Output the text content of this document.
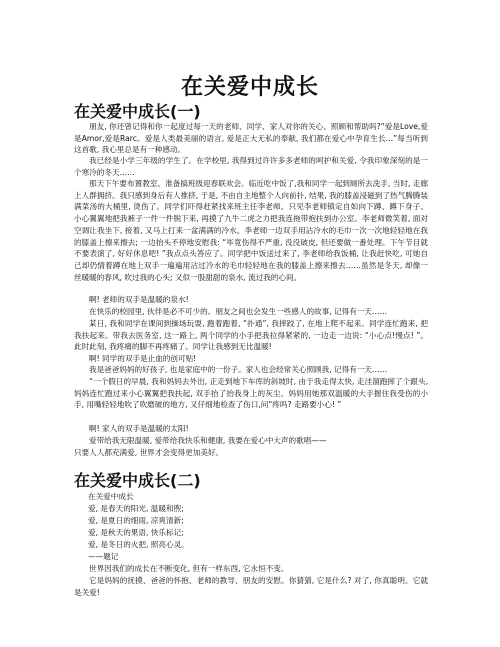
在关爱中成长
在关爱中成长(一)
朋友, 你还曾记得和你一起度过每一天的老师、同学、家人对你的关心、照顾和帮助吗?“爱是Love,爱是Amor,爱是Rarc。爱是人类最美丽的语言, 爱是正大无私的奉献, 我们都在爱心中孕育生长…”每当听到这首歌, 我心里总是有一种感动。
我已经是小学三年级的学生了。在学校里, 我得到过许许多多老师的呵护和关爱, 令我印象深刻的是一个寒冷的冬天……
那天下午要布置教室、准备搞班级迎春联欢会。临近吃中饭了,我和同学一起到厕所去洗手, 当时, 走廊上人群拥挤。我只感到身后有人推挤, 于是, 不由自主地整个人向前扑, 结果, 我的膝盖浸磁到了热气腾腾装满菜汤的大桶里, 烫伤了。同学们吓得赶紧找来班主任李老师。只见李老师镇定自如向下蹲、蹲下身子、小心翼翼地把我裤子一件一件脱下来, 再摸了九牛二虎之力把我连拖带抱扶到办公室。李老师微笑着, 面对空调让我坐下, 接着, 又马上打来一盆满满的冷水。李老师一边双手用沾冷水的毛巾一次一次地轻轻地在我的膝盖上擦来擦去; 一边抬头不停地安慰我: “毕竟伤得不严重, 没没破皮, 但还要做一番处理。下午节目就不要表演了, 好好休息吧! ”我点点头答应了。同学把中饭送过来了, 李老师给我饭桶, 让我赶快吃, 可她自己却仍情着蹲在地上双手一遍遍用沾过冷水的毛巾轻轻地在我的膝盖上擦来擦去……虽然是冬天, 却像一丝暖暖的春风, 吹过我的心头; 又似一股甜甜的泉水, 流过我的心间。
啊! 老师的双手是温暖的泉水!
在快乐的校园里, 伙伴是必不可少的。朋友之间也会发生一些感人的故事, 记得有一天……
某日, 我和同学在课间到操场玩耍, 跑着跑着, “扑通”, 我摔跤了, 在地上爬不起来。同学连忙跑来, 把我扶起来。带我去医务室, 这一路上, 两个同学的小手把我拉得紧紧的, 一边走一边说: “小心点!慢点! ”。此时此刻, 我疼痛的脚不再疼痛了。同学让我感到无比温暖!
啊! 同学的双手是止血的创可贴!
我是爸爸妈妈的好孩子, 也是家庭中的一份子。家人也会经常关心照顾我, 记得有一天……
“一个假日的早晨, 我和妈妈去外出, 正走到地下车库的斜坡时, 由于我走得太快, 走洼溜跑摔了个跟头, 妈妈连忙跑过来小心翼翼把我扶起, 双手抬了抬我身上的灰尘。妈妈用她那双温暖的大手握住我受伤的小手, 用嘴轻轻地吹了吹磨破的地方, 又仔细地检查了伤口,问“疼吗? 走路要小心! ”
啊! 家人的双手是温暖的太阳!
爱带给我无限温暖, 爱带给我快乐和健康, 我要在爱心中大声的歌唱——
只要人人都充满爱, 世界才会变得更加美好。
在关爱中成长(二)
在关爱中成长
爱, 是春天的阳光, 温暖和煦;
爱, 是夏日的细雨, 凉爽清新;
爱, 是秋天的果语, 快乐标记;
爱, 是冬日的火把, 照亮心灵。
——题记
世界因我们的成长在不断变化, 但有一样东西, 它永恒不变。
它是妈妈的抚摸、爸爸的怀抱、老师的教导、朋友的安慰。你猜猜, 它是什么? 对了, 你真聪明。它就是关爱!
